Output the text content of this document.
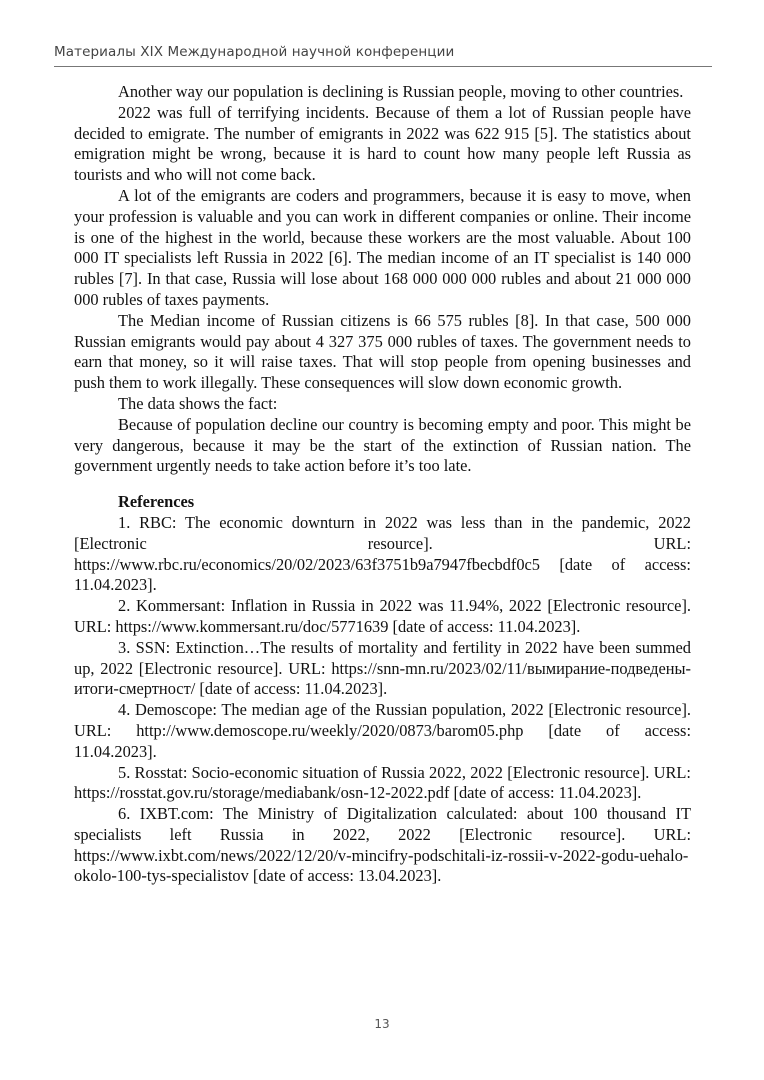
Материалы XIX Международной научной конференции

Another way our population is declining is Russian people, moving to other countries.

2022 was full of terrifying incidents. Because of them a lot of Russian people have decided to emigrate. The number of emigrants in 2022 was 622 915 [5]. The statistics about emigration might be wrong, because it is hard to count how many people left Russia as tourists and who will not come back.

A lot of the emigrants are coders and programmers, because it is easy to move, when your profession is valuable and you can work in different companies or online. Their income is one of the highest in the world, because these workers are the most valuable. About 100 000 IT specialists left Russia in 2022 [6]. The median income of an IT specialist is 140 000 rubles [7]. In that case, Russia will lose about 168 000 000 000 rubles and about 21 000 000 000 rubles of taxes payments.

The Median income of Russian citizens is 66 575 rubles [8]. In that case, 500 000 Russian emigrants would pay about 4 327 375 000 rubles of taxes. The government needs to earn that money, so it will raise taxes. That will stop people from opening businesses and push them to work illegally. These consequences will slow down economic growth.

The data shows the fact:

Because of population decline our country is becoming empty and poor. This might be very dangerous, because it may be the start of the extinction of Russian nation. The government urgently needs to take action before it’s too late.

References

1. RBC: The economic downturn in 2022 was less than in the pandemic, 2022 [Electronic resource]. URL: https://www.rbc.ru/economics/20/02/2023/63f3751b9a7947fbecbdf0c5 [date of access: 11.04.2023].

2. Kommersant: Inflation in Russia in 2022 was 11.94%, 2022 [Electronic resource]. URL: https://www.kommersant.ru/doc/5771639 [date of access: 11.04.2023].

3. SSN: Extinction…The results of mortality and fertility in 2022 have been summed up, 2022 [Electronic resource]. URL: https://snn-mn.ru/2023/02/11/вымирание-подведены-итоги-смертност/ [date of access: 11.04.2023].

4. Demoscope: The median age of the Russian population, 2022 [Electronic resource]. URL: http://www.demoscope.ru/weekly/2020/0873/barom05.php [date of access: 11.04.2023].

5. Rosstat: Socio-economic situation of Russia 2022, 2022 [Electronic resource]. URL: https://rosstat.gov.ru/storage/mediabank/osn-12-2022.pdf [date of access: 11.04.2023].

6. IXBT.com: The Ministry of Digitalization calculated: about 100 thousand IT specialists left Russia in 2022, 2022 [Electronic resource]. URL: https://www.ixbt.com/news/2022/12/20/v-mincifry-podschitali-iz-rossii-v-2022-godu-uehalo-okolo-100-tys-specialistov [date of access: 13.04.2023].

13
